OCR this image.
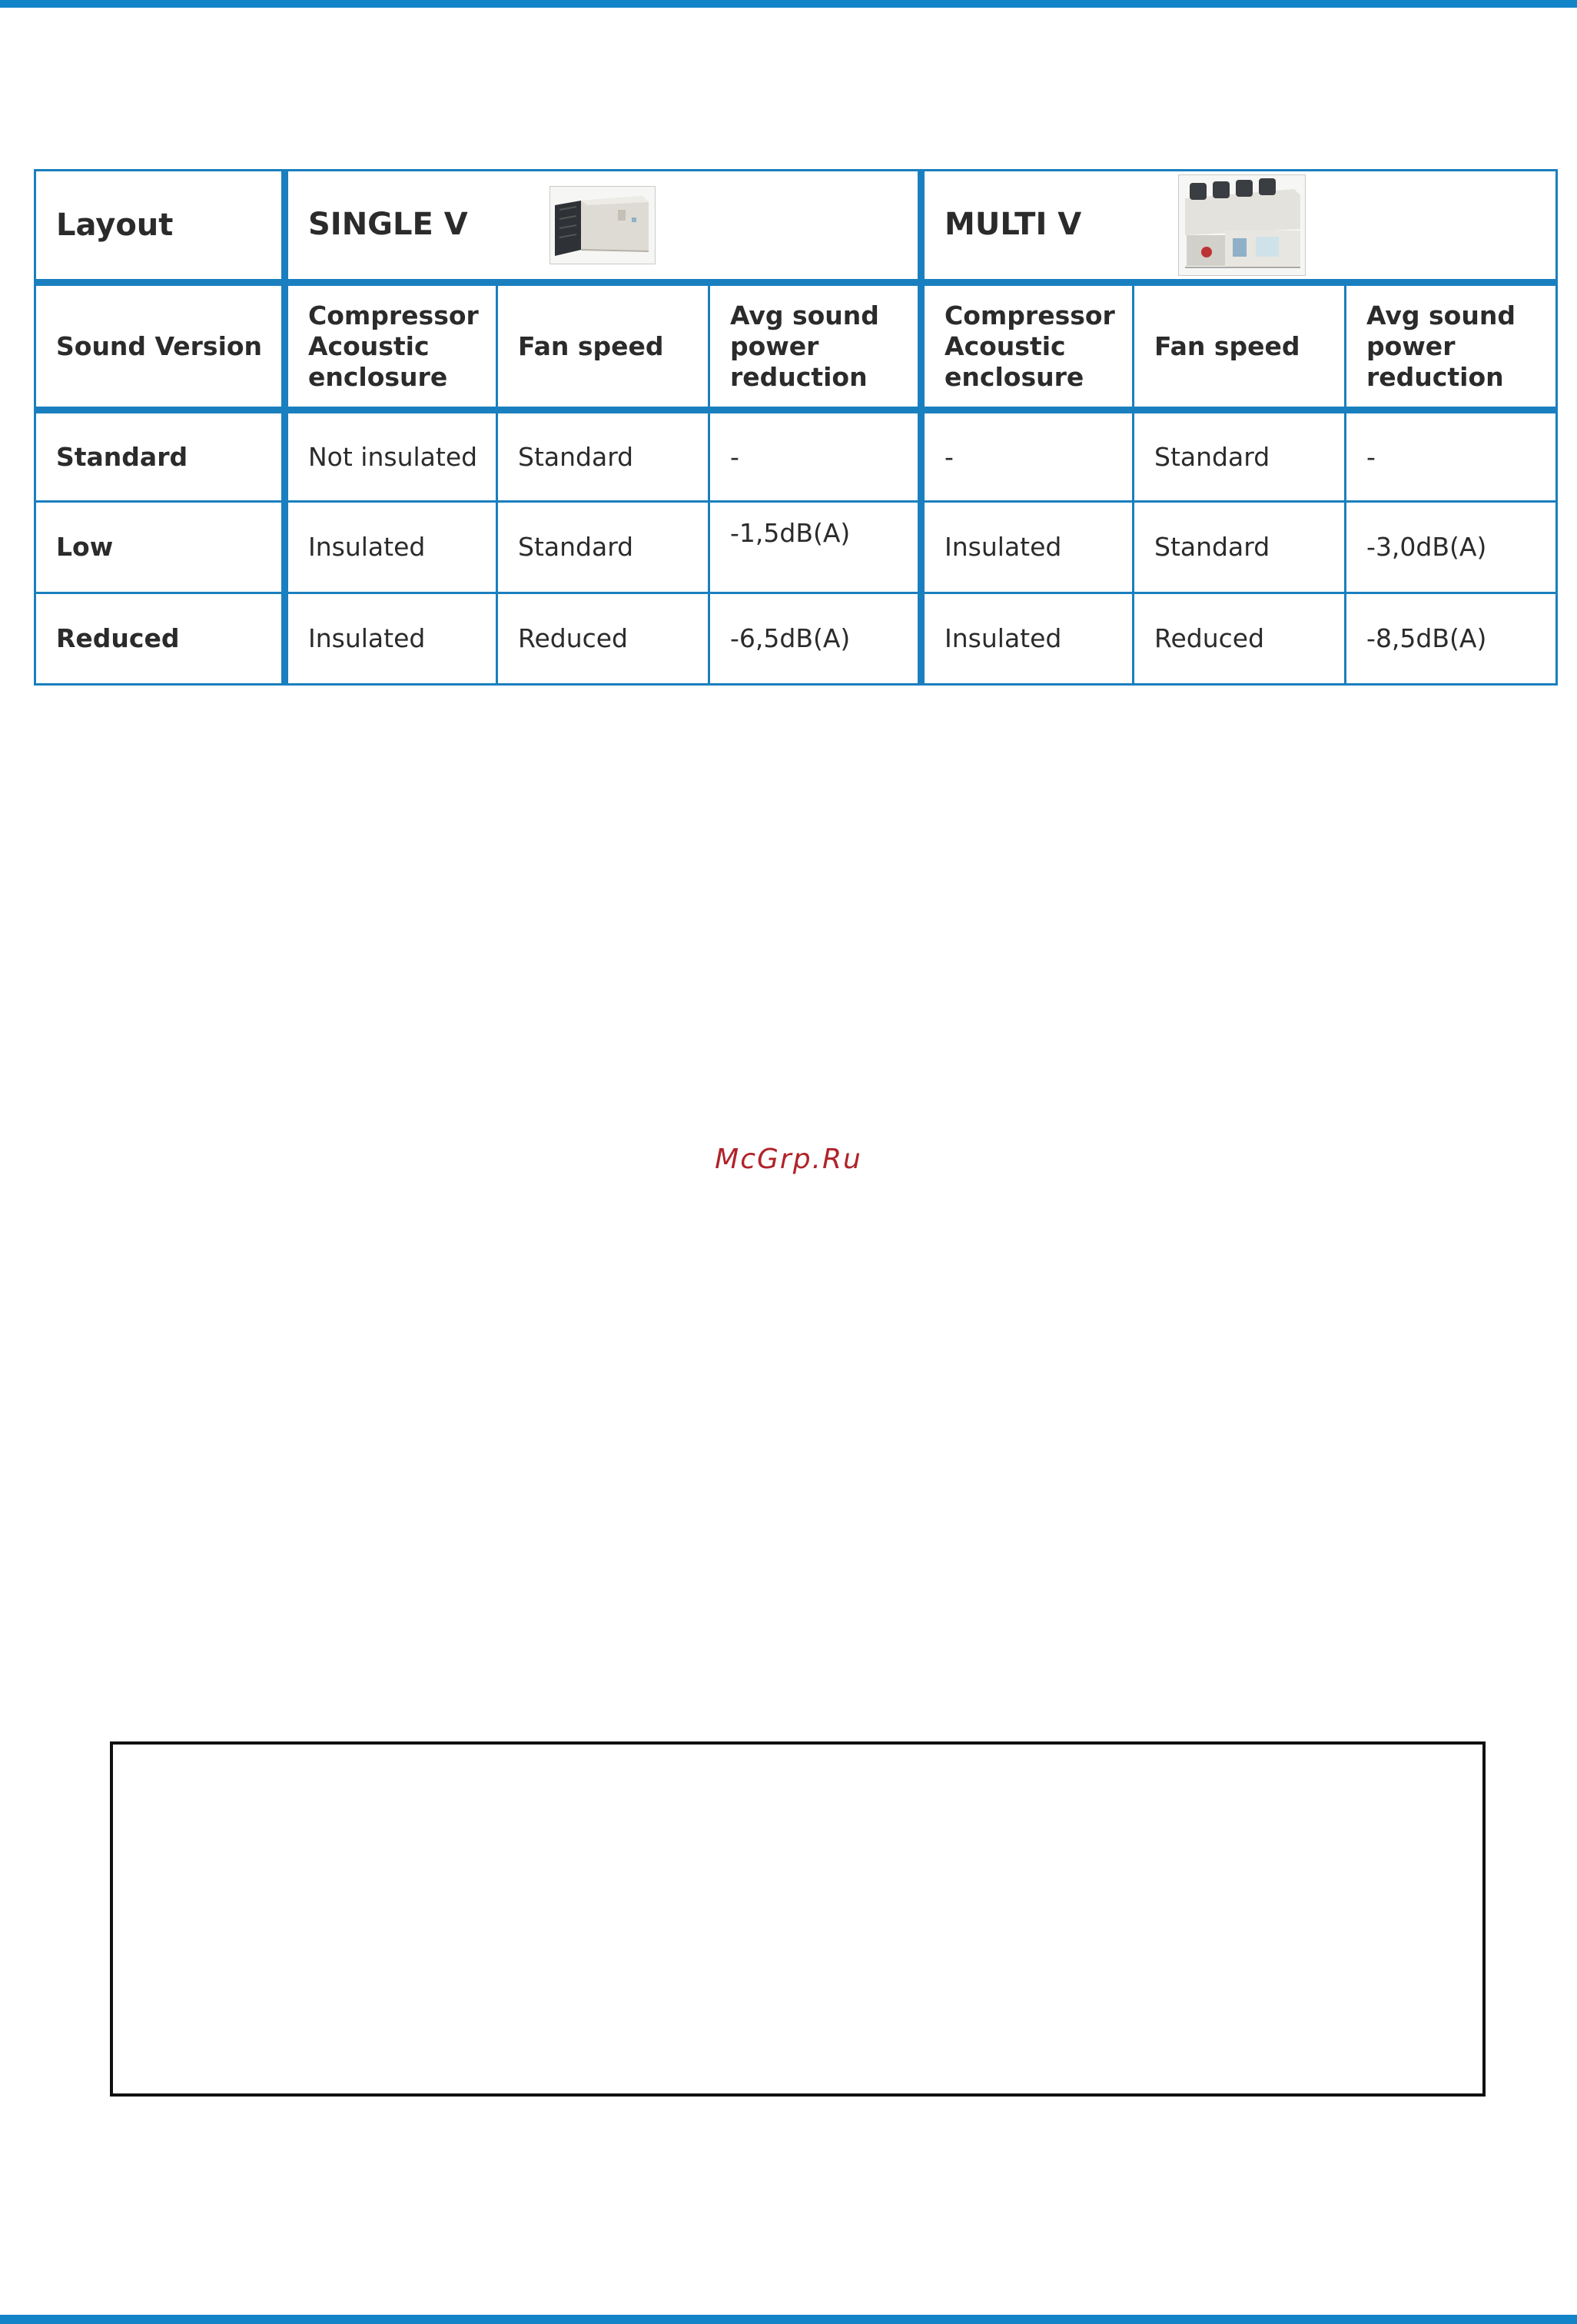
Layout	SINGLE V			MULTI V		

Sound Version	Compressor Acoustic enclosure	Fan speed	Avg sound power reduction	Compressor Acoustic enclosure	Fan speed	Avg sound power reduction
Standard	Not insulated	Standard	-	-	Standard	-
Low	Insulated	Standard	-1,5dB(A)	Insulated	Standard	-3,0dB(A)
Reduced	Insulated	Reduced	-6,5dB(A)	Insulated	Reduced	-8,5dB(A)
McGrp.Ru
